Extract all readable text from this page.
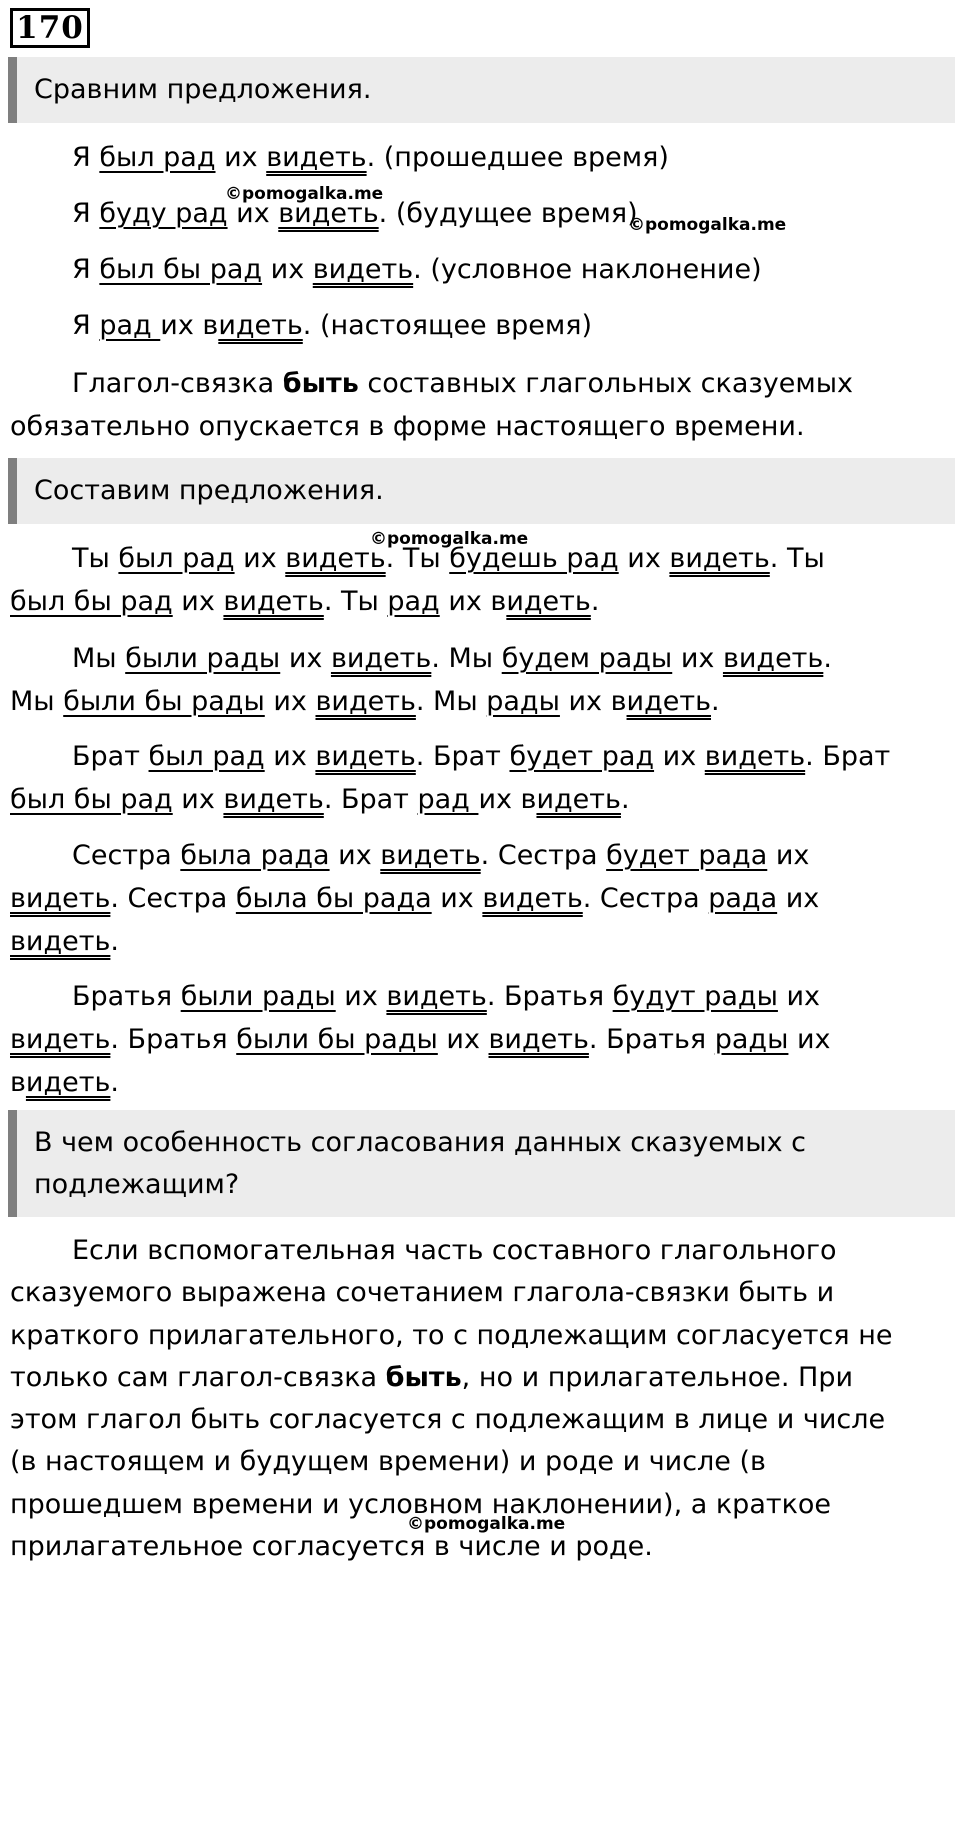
170
Сравним предложения.
Я был рад их видеть. (прошедшее время)
Я буду рад их видеть. (будущее время)
Я был бы рад их видеть. (условное наклонение)
Я рад их видеть. (настоящее время)
Глагол-связка быть составных глагольных сказуемых
обязательно опускается в форме настоящего времени.
©pomogalka.me
©pomogalka.me
Составим предложения.
©pomogalka.me
Ты был рад их видеть. Ты будешь рад их видеть. Ты
был бы рад их видеть. Ты рад их видеть.
Мы были рады их видеть. Мы будем рады их видеть.
Мы были бы рады их видеть. Мы рады их видеть.
Брат был рад их видеть. Брат будет рад их видеть. Брат
был бы рад их видеть. Брат рад их видеть.
Сестра была рада их видеть. Сестра будет рада их
видеть. Сестра была бы рада их видеть. Сестра рада их
видеть.
Братья были рады их видеть. Братья будут рады их
видеть. Братья были бы рады их видеть. Братья рады их
видеть.
В чем особенность согласования данных сказуемых с
подлежащим?
Если вспомогательная часть составного глагольного
сказуемого выражена сочетанием глагола-связки быть и
краткого прилагательного, то с подлежащим согласуется не
только сам глагол-связка быть, но и прилагательное. При
этом глагол быть согласуется с подлежащим в лице и числе
(в настоящем и будущем времени) и роде и числе (в
прошедшем времени и условном наклонении), а краткое
прилагательное согласуется в числе и роде.
©pomogalka.me
